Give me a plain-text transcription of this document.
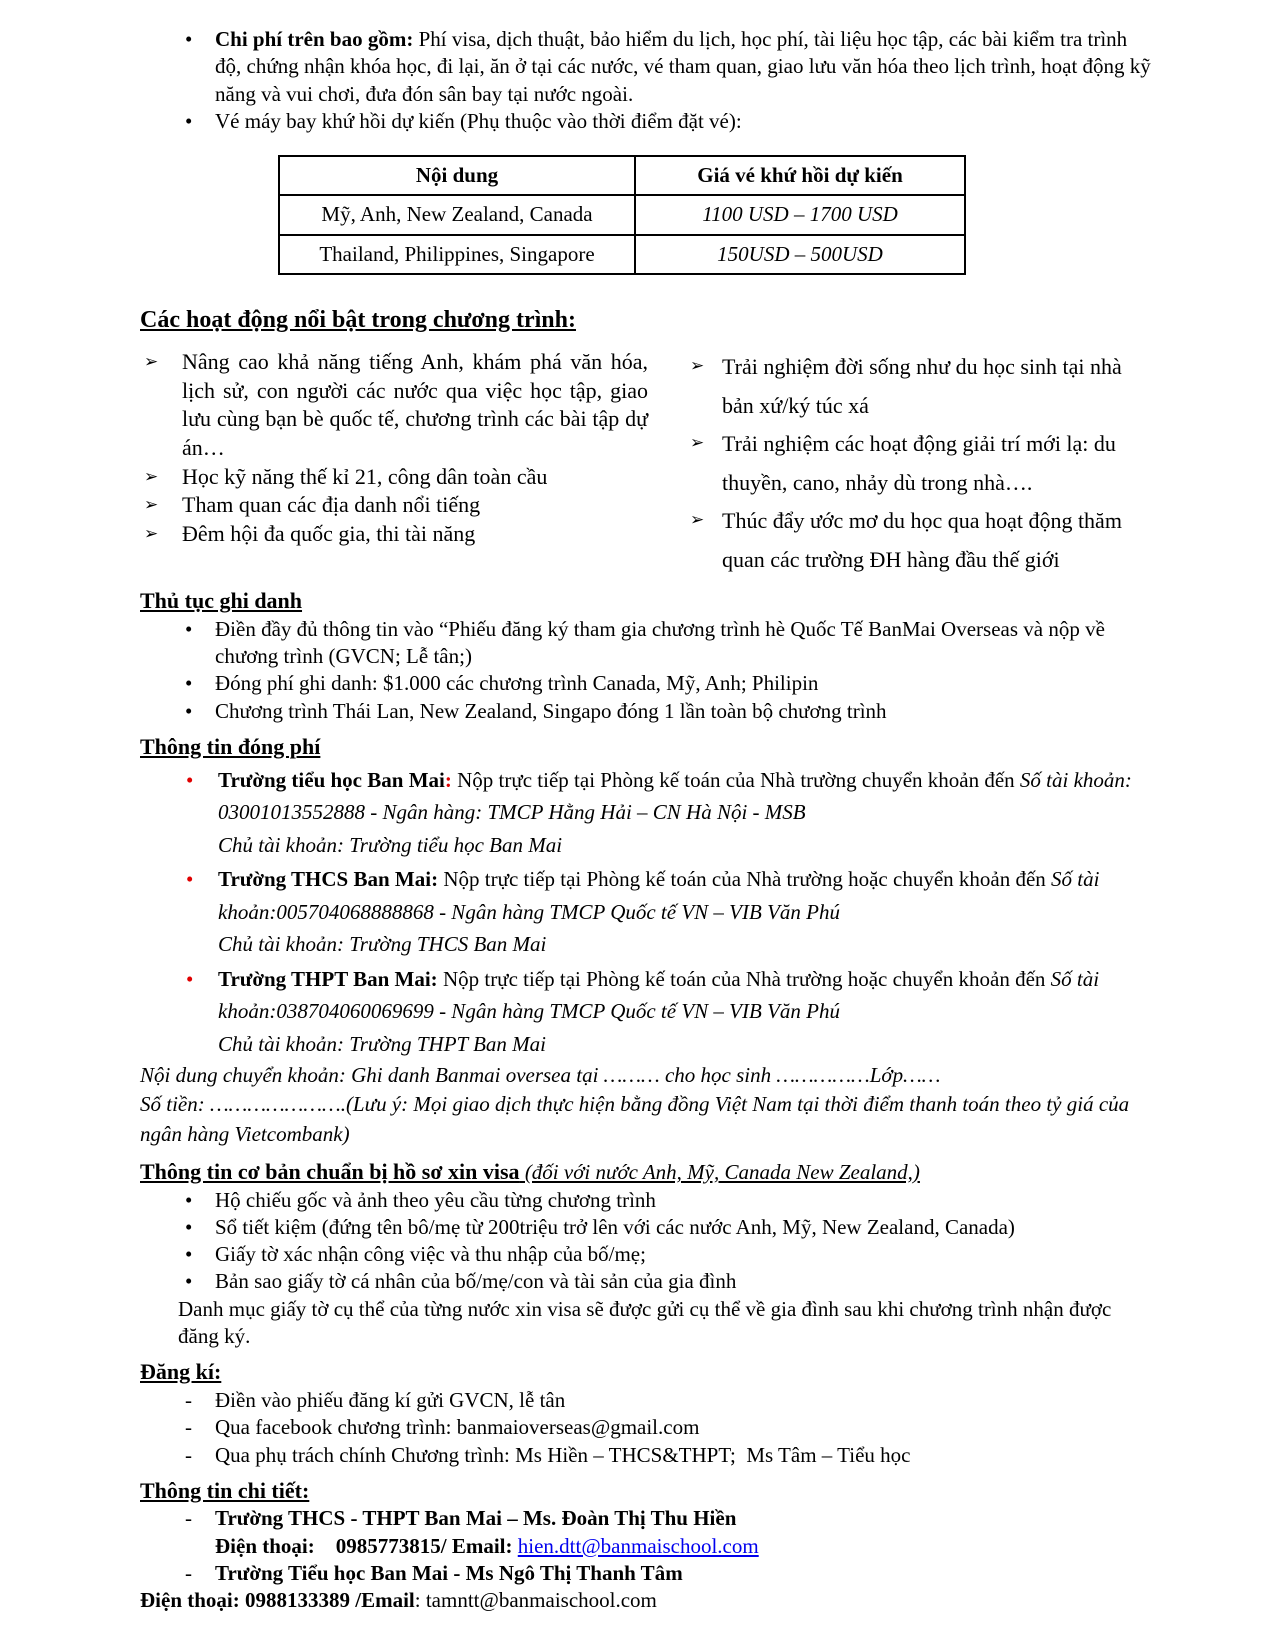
• Chi phí trên bao gồm: Phí visa, dịch thuật, bảo hiểm du lịch, học phí, tài liệu học tập, các bài kiểm tra trình độ, chứng nhận khóa học, đi lại, ăn ở tại các nước, vé tham quan, giao lưu văn hóa theo lịch trình, hoạt động kỹ năng và vui chơi, đưa đón sân bay tại nước ngoài.
• Vé máy bay khứ hồi dự kiến (Phụ thuộc vào thời điểm đặt vé):
Nội dung	Giá vé khứ hồi dự kiến
Mỹ, Anh, New Zealand, Canada	1100 USD – 1700 USD
Thailand, Philippines, Singapore	150USD – 500USD
Các hoạt động nổi bật trong chương trình:
➢ Nâng cao khả năng tiếng Anh, khám phá văn hóa, lịch sử, con người các nước qua việc học tập, giao lưu cùng bạn bè quốc tế, chương trình các bài tập dự án…
➢ Học kỹ năng thế kỉ 21, công dân toàn cầu
➢ Tham quan các địa danh nổi tiếng
➢ Đêm hội đa quốc gia, thi tài năng
➢ Trải nghiệm đời sống như du học sinh tại nhà bản xứ/ký túc xá
➢ Trải nghiệm các hoạt động giải trí mới lạ: du thuyền, cano, nhảy dù trong nhà….
➢ Thúc đẩy ước mơ du học qua hoạt động thăm quan các trường ĐH hàng đầu thế giới
Thủ tục ghi danh
• Điền đầy đủ thông tin vào “Phiếu đăng ký tham gia chương trình hè Quốc Tế BanMai Overseas và nộp về chương trình (GVCN; Lễ tân;)
• Đóng phí ghi danh: $1.000 các chương trình Canada, Mỹ, Anh; Philipin
• Chương trình Thái Lan, New Zealand, Singapo đóng 1 lần toàn bộ chương trình
Thông tin đóng phí
• Trường tiểu học Ban Mai: Nộp trực tiếp tại Phòng kế toán của Nhà trường chuyển khoản đến Số tài khoản: 03001013552888 - Ngân hàng: TMCP Hằng Hải – CN Hà Nội - MSB
Chủ tài khoản: Trường tiểu học Ban Mai
• Trường THCS Ban Mai: Nộp trực tiếp tại Phòng kế toán của Nhà trường hoặc chuyển khoản đến Số tài khoản:005704068888868 - Ngân hàng TMCP Quốc tế VN – VIB Văn Phú
Chủ tài khoản: Trường THCS Ban Mai
• Trường THPT Ban Mai: Nộp trực tiếp tại Phòng kế toán của Nhà trường hoặc chuyển khoản đến Số tài khoản:038704060069699 - Ngân hàng TMCP Quốc tế VN – VIB Văn Phú
Chủ tài khoản: Trường THPT Ban Mai
Nội dung chuyển khoản: Ghi danh Banmai oversea tại ……… cho học sinh ……………Lớp……
Số tiền: ………………….(Lưu ý: Mọi giao dịch thực hiện bằng đồng Việt Nam tại thời điểm thanh toán theo tỷ giá của ngân hàng Vietcombank)
Thông tin cơ bản chuẩn bị hồ sơ xin visa (đối với nước Anh, Mỹ, Canada New Zealand,)
• Hộ chiếu gốc và ảnh theo yêu cầu từng chương trình
• Sổ tiết kiệm (đứng tên bô/mẹ từ 200triệu trở lên với các nước Anh, Mỹ, New Zealand, Canada)
• Giấy tờ xác nhận công việc và thu nhập của bố/mẹ;
• Bản sao giấy tờ cá nhân của bố/mẹ/con và tài sản của gia đình
Danh mục giấy tờ cụ thể của từng nước xin visa sẽ được gửi cụ thể về gia đình sau khi chương trình nhận được đăng ký.
Đăng kí:
- Điền vào phiếu đăng kí gửi GVCN, lễ tân
- Qua facebook chương trình: banmaioverseas@gmail.com
- Qua phụ trách chính Chương trình: Ms Hiền – THCS&THPT;  Ms Tâm – Tiểu học
Thông tin chi tiết:
- Trường THCS - THPT Ban Mai – Ms. Đoàn Thị Thu Hiền
Điện thoại:    0985773815/ Email: hien.dtt@banmaischool.com
- Trường Tiểu học Ban Mai - Ms Ngô Thị Thanh Tâm
Điện thoại: 0988133389 /Email: tamntt@banmaischool.com
